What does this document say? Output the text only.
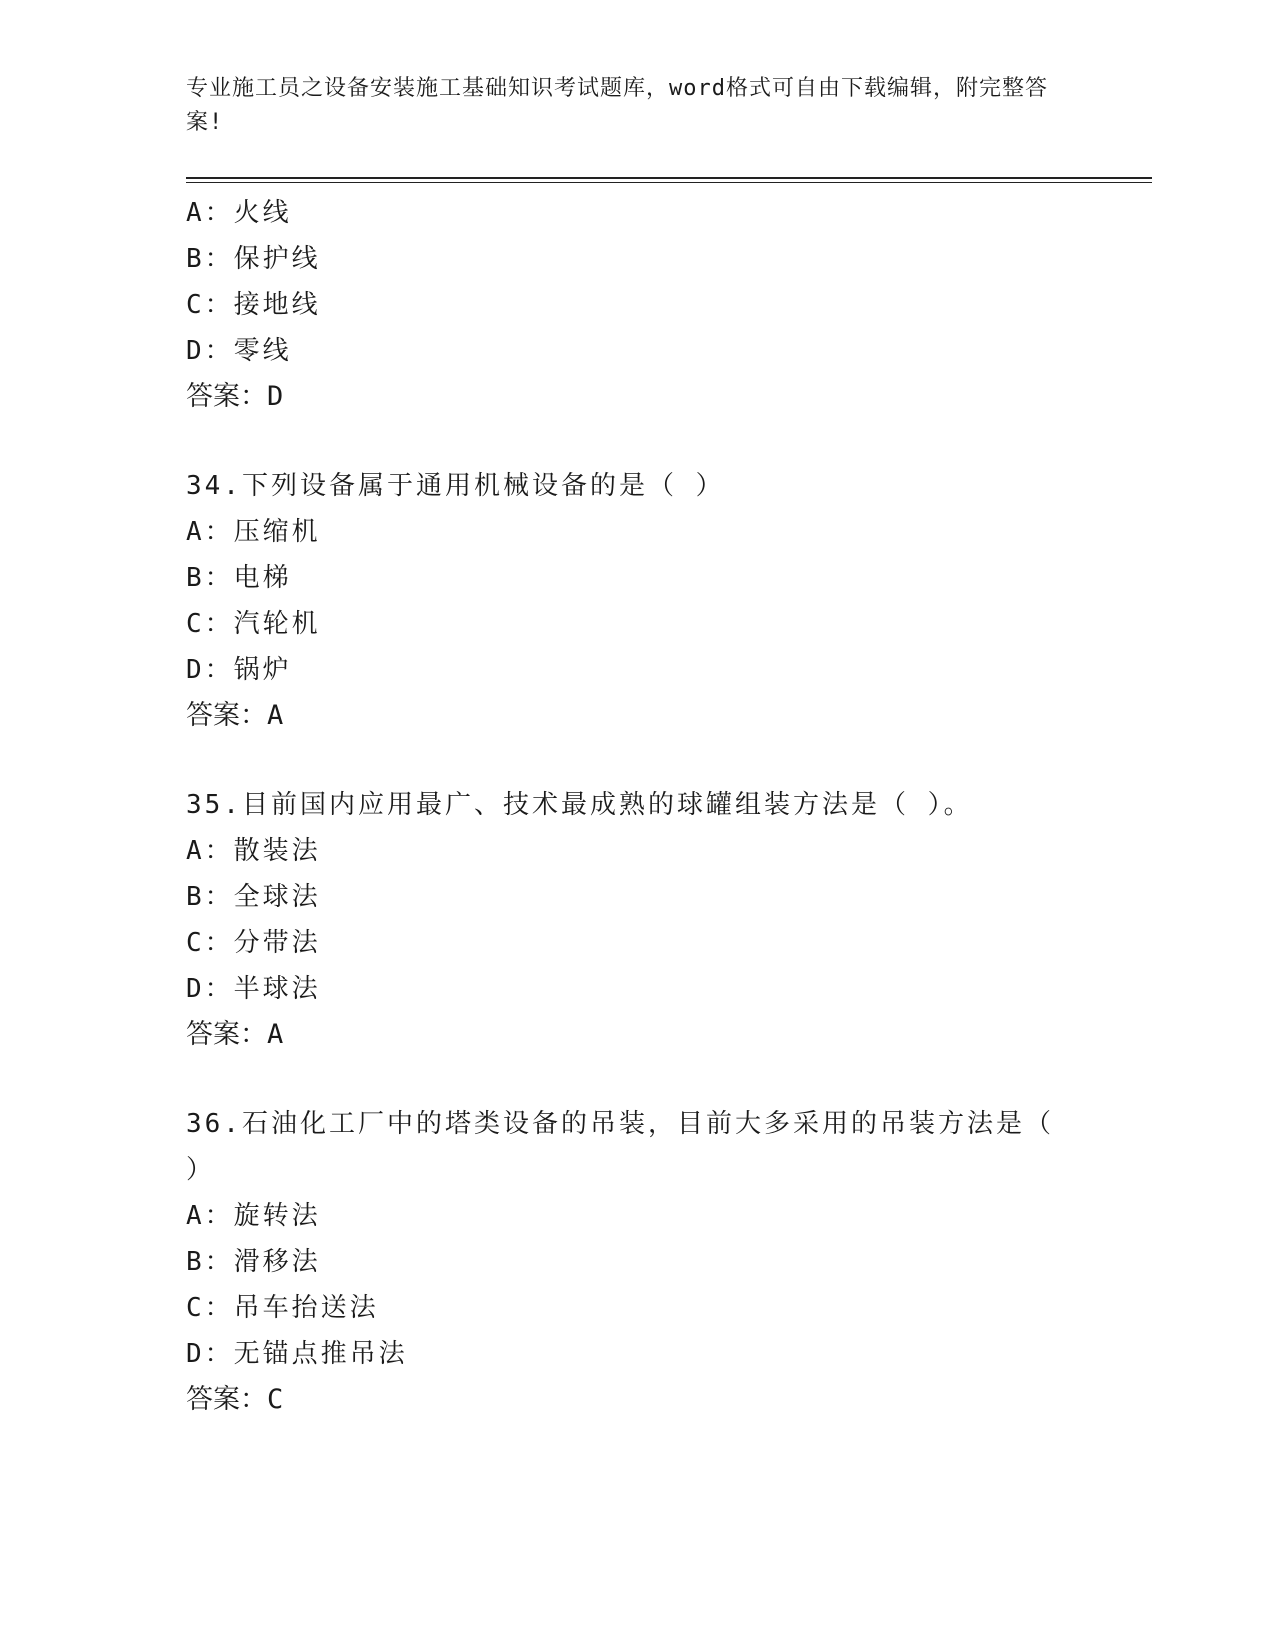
专业施工员之设备安装施工基础知识考试题库，word格式可自由下载编辑，附完整答案!
A：火线
B：保护线
C：接地线
D：零线
答案：D
34.下列设备属于通用机械设备的是（ ）
A：压缩机
B：电梯
C：汽轮机
D：锅炉
答案：A
35.目前国内应用最广、技术最成熟的球罐组装方法是（ ）。
A：散装法
B：全球法
C：分带法
D：半球法
答案：A
36.石油化工厂中的塔类设备的吊装，目前大多采用的吊装方法是（
）
A：旋转法
B：滑移法
C：吊车抬送法
D：无锚点推吊法
答案：C
